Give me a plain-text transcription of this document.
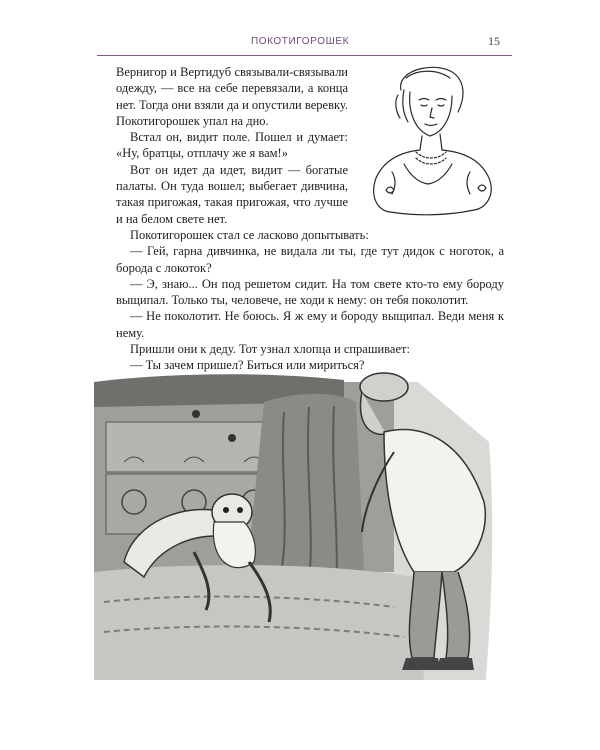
ПОКОТИГОРОШЕК	15

Вернигор и Вертидуб связывали-связывали одежду, — все на себе перевязали, а конца нет. Тогда они взяли да и опустили веревку. Покотигорошек упал на дно.

Встал он, видит поле. Пошел и думает: «Ну, братцы, отплачу же я вам!»

Вот он идет да идет, видит — богатые палаты. Он туда вошел; выбегает дивчина, такая пригожая, такая пригожая, что лучше и на белом свете нет.

Покотигорошек стал се ласково допытывать:

— Гей, гарна дивчинка, не видала ли ты, где тут дидок с ноготок, а борода с локоток?

— Э, знаю... Он под решетом сидит. На том свете кто-то ему бороду выщипал. Только ты, человече, не ходи к нему: он тебя поколотит.

— Не поколотит. Не боюсь. Я ж ему и бороду выщипал. Веди меня к нему.

Пришли они к деду. Тот узнал хлопца и спрашивает:

— Ты зачем пришел? Биться или мириться?
